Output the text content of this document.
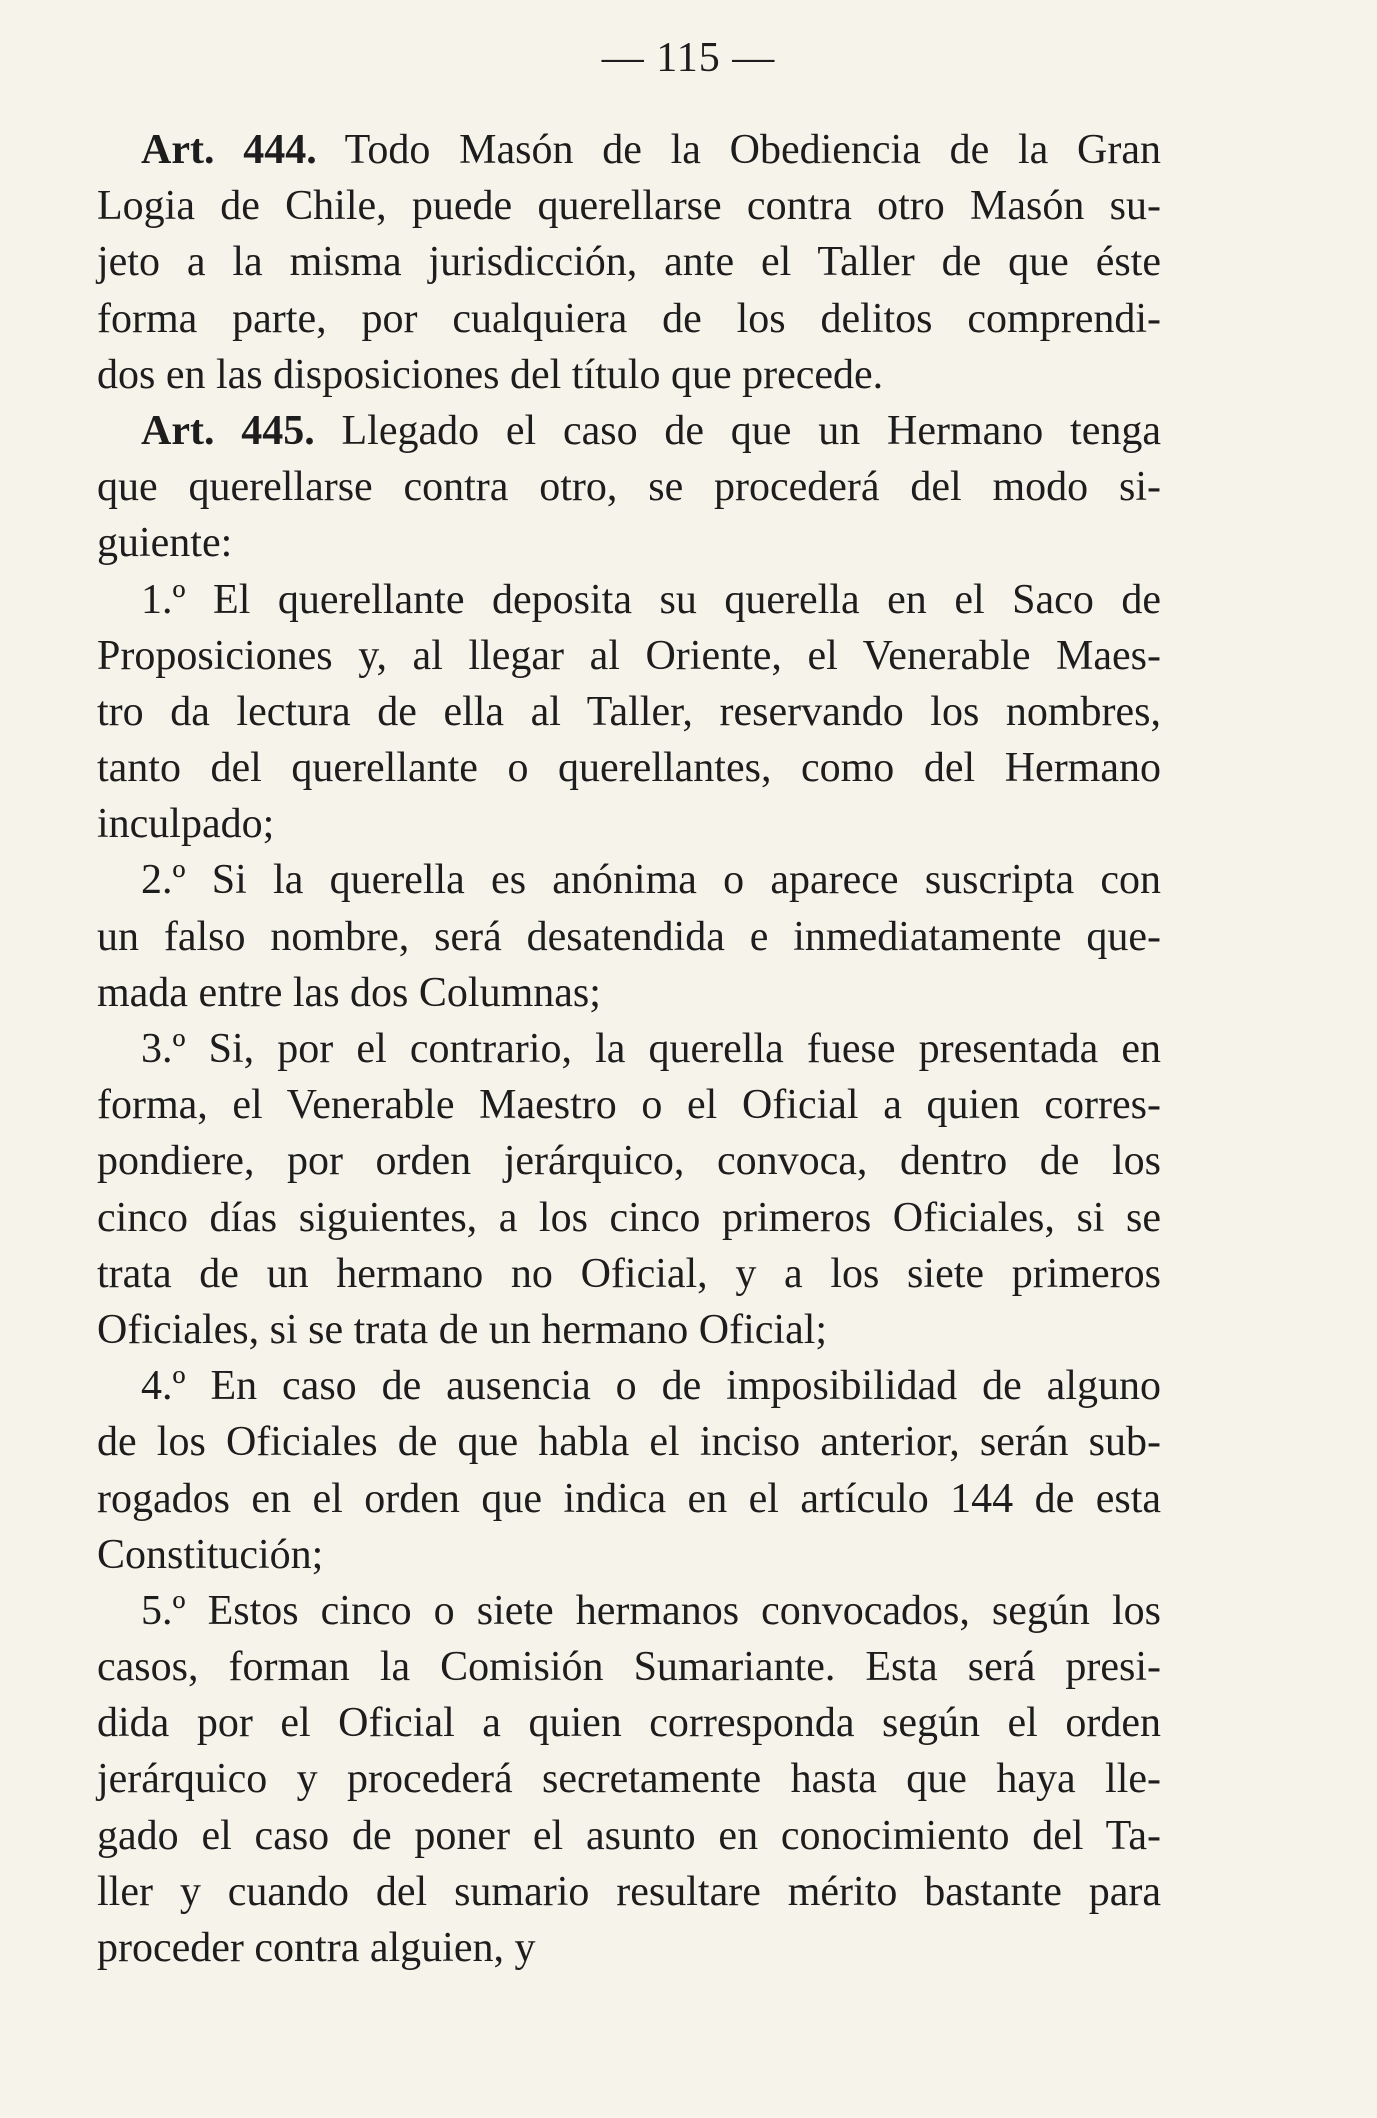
— 115 —
Art. 444. Todo Masón de la Obediencia de la Gran
Logia de Chile, puede querellarse contra otro Masón su-
jeto a la misma jurisdicción, ante el Taller de que éste
forma parte, por cualquiera de los delitos comprendi-
dos en las disposiciones del título que precede.
Art. 445. Llegado el caso de que un Hermano tenga
que querellarse contra otro, se procederá del modo si-
guiente:
1.º El querellante deposita su querella en el Saco de
Proposiciones y, al llegar al Oriente, el Venerable Maes-
tro da lectura de ella al Taller, reservando los nombres,
tanto del querellante o querellantes, como del Hermano
inculpado;
2.º Si la querella es anónima o aparece suscripta con
un falso nombre, será desatendida e inmediatamente que-
mada entre las dos Columnas;
3.º Si, por el contrario, la querella fuese presentada en
forma, el Venerable Maestro o el Oficial a quien corres-
pondiere, por orden jerárquico, convoca, dentro de los
cinco días siguientes, a los cinco primeros Oficiales, si se
trata de un hermano no Oficial, y a los siete primeros
Oficiales, si se trata de un hermano Oficial;
4.º En caso de ausencia o de imposibilidad de alguno
de los Oficiales de que habla el inciso anterior, serán sub-
rogados en el orden que indica en el artículo 144 de esta
Constitución;
5.º Estos cinco o siete hermanos convocados, según los
casos, forman la Comisión Sumariante. Esta será presi-
dida por el Oficial a quien corresponda según el orden
jerárquico y procederá secretamente hasta que haya lle-
gado el caso de poner el asunto en conocimiento del Ta-
ller y cuando del sumario resultare mérito bastante para
proceder contra alguien, y
